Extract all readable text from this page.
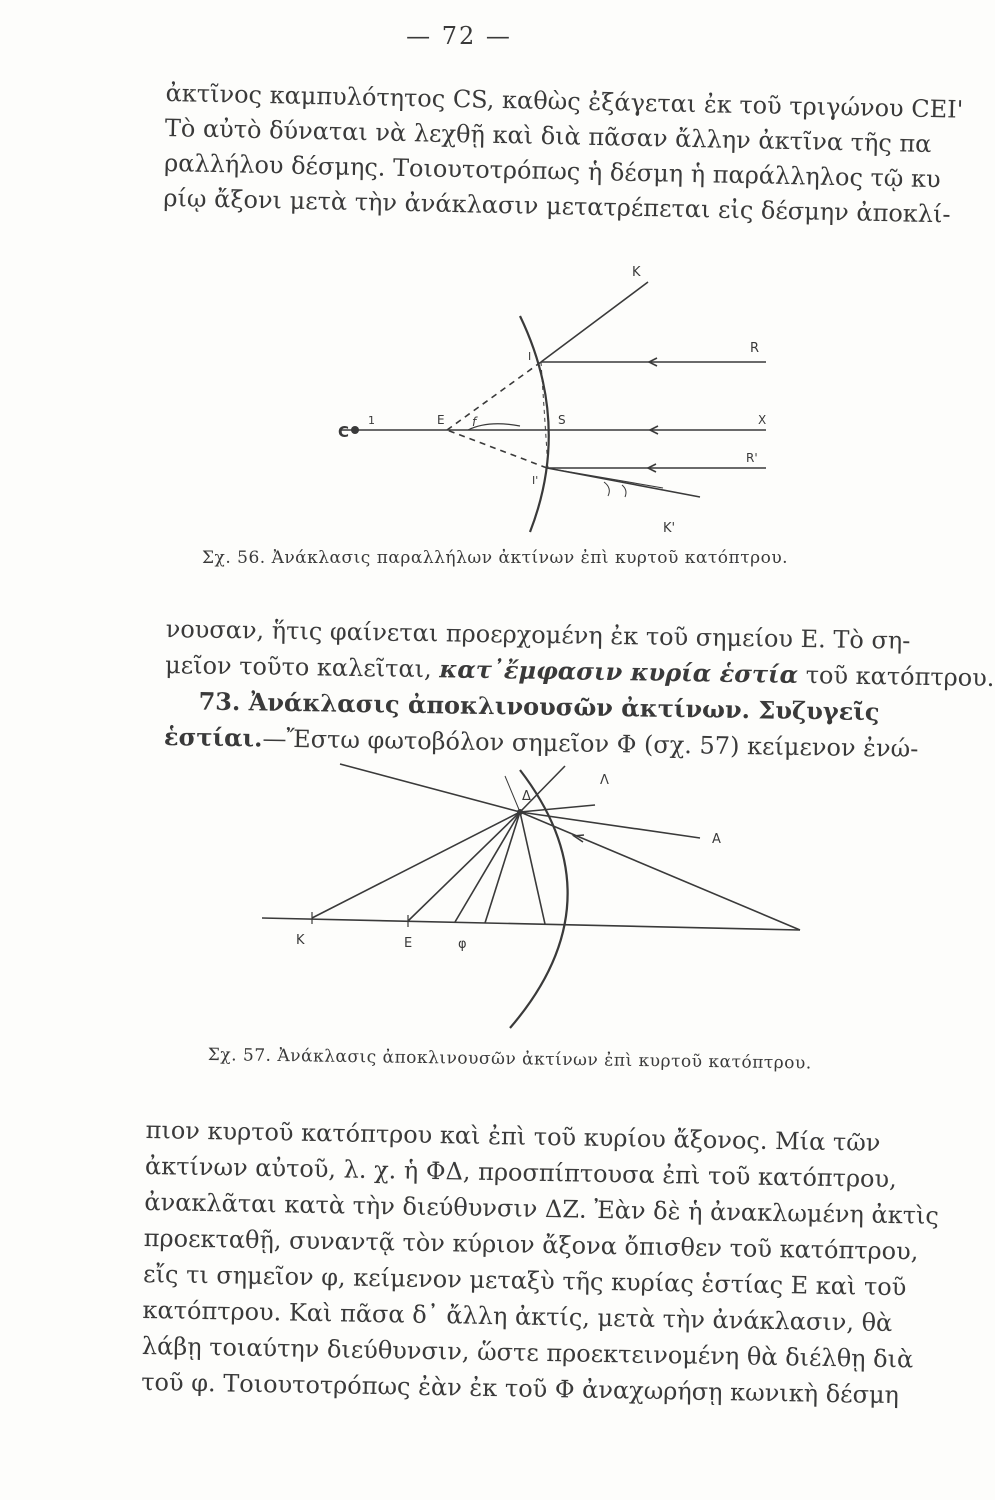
— 72 —

ἀκτῖνος καμπυλότητος CS, καθὼς ἐξάγεται ἐκ τοῦ τριγώνου CEI'
Τὸ αὐτὸ δύναται νὰ λεχθῇ καὶ διὰ πᾶσαν ἄλλην ἀκτῖνα τῆς πα
ραλλήλου δέσμης. Τοιουτοτρόπως ἡ δέσμη ἡ παράλληλος τῷ κυ
ρίῳ ἄξονι μετὰ τὴν ἀνάκλασιν μετατρέπεται εἰς δέσμην ἀποκλί-

K
R
I
C
1	E f	S	X
R'
I'
K'
Σχ. 56. Ἀνάκλασις παραλλήλων ἀκτίνων ἐπὶ κυρτοῦ κατόπτρου.

νουσαν, ἥτις φαίνεται προερχομένη ἐκ τοῦ σημείου Ε. Τὸ ση-
μεῖον τοῦτο καλεῖται, κατ᾿ἔμφασιν κυρία ἑστία τοῦ κατόπτρου.
73. Ἀνάκλασις ἀποκλινουσῶν ἀκτίνων. Συζυγεῖς
ἑστίαι.—Ἔστω φωτοβόλον σημεῖον Φ (σχ. 57) κείμενον ἐνώ-

Δ
Λ
A
K	E	φ
Σχ. 57. Ἀνάκλασις ἀποκλινουσῶν ἀκτίνων ἐπὶ κυρτοῦ κατόπτρου.

πιον κυρτοῦ κατόπτρου καὶ ἐπὶ τοῦ κυρίου ἄξονος. Μία τῶν
ἀκτίνων αὐτοῦ, λ. χ. ἡ ΦΔ, προσπίπτουσα ἐπὶ τοῦ κατόπτρου,
ἀνακλᾶται κατὰ τὴν διεύθυνσιν ΔΖ. Ἐὰν δὲ ἡ ἀνακλωμένη ἀκτὶς
προεκταθῇ, συναντᾷ τὸν κύριον ἄξονα ὄπισθεν τοῦ κατόπτρου,
εἴς τι σημεῖον φ, κείμενον μεταξὺ τῆς κυρίας ἑστίας Ε καὶ τοῦ
κατόπτρου. Καὶ πᾶσα δ᾿ ἄλλη ἀκτίς, μετὰ τὴν ἀνάκλασιν, θὰ
λάβῃ τοιαύτην διεύθυνσιν, ὥστε προεκτεινομένη θὰ διέλθῃ διὰ
τοῦ φ. Τοιουτοτρόπως ἐὰν ἐκ τοῦ Φ ἀναχωρήσῃ κωνικὴ δέσμη
